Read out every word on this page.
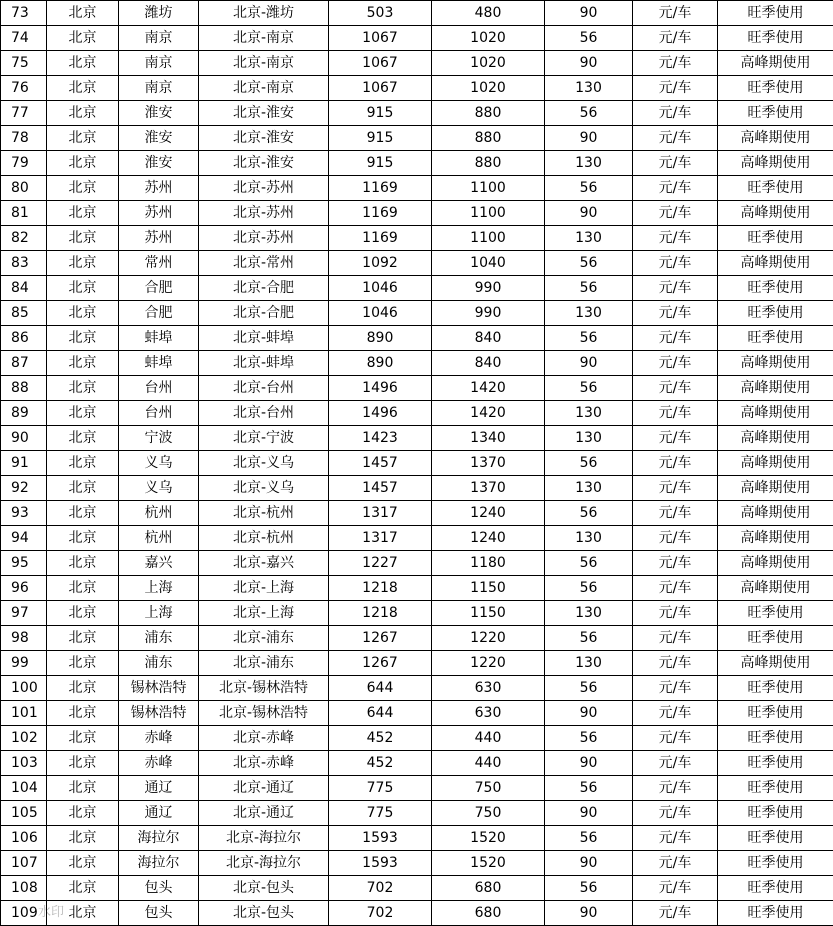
73	北京	潍坊	北京-潍坊	503	480	90	元/车	旺季使用
74	北京	南京	北京-南京	1067	1020	56	元/车	旺季使用
75	北京	南京	北京-南京	1067	1020	90	元/车	高峰期使用
76	北京	南京	北京-南京	1067	1020	130	元/车	旺季使用
77	北京	淮安	北京-淮安	915	880	56	元/车	旺季使用
78	北京	淮安	北京-淮安	915	880	90	元/车	高峰期使用
79	北京	淮安	北京-淮安	915	880	130	元/车	高峰期使用
80	北京	苏州	北京-苏州	1169	1100	56	元/车	旺季使用
81	北京	苏州	北京-苏州	1169	1100	90	元/车	高峰期使用
82	北京	苏州	北京-苏州	1169	1100	130	元/车	旺季使用
83	北京	常州	北京-常州	1092	1040	56	元/车	高峰期使用
84	北京	合肥	北京-合肥	1046	990	56	元/车	旺季使用
85	北京	合肥	北京-合肥	1046	990	130	元/车	旺季使用
86	北京	蚌埠	北京-蚌埠	890	840	56	元/车	旺季使用
87	北京	蚌埠	北京-蚌埠	890	840	90	元/车	高峰期使用
88	北京	台州	北京-台州	1496	1420	56	元/车	高峰期使用
89	北京	台州	北京-台州	1496	1420	130	元/车	高峰期使用
90	北京	宁波	北京-宁波	1423	1340	130	元/车	高峰期使用
91	北京	义乌	北京-义乌	1457	1370	56	元/车	高峰期使用
92	北京	义乌	北京-义乌	1457	1370	130	元/车	高峰期使用
93	北京	杭州	北京-杭州	1317	1240	56	元/车	高峰期使用
94	北京	杭州	北京-杭州	1317	1240	130	元/车	高峰期使用
95	北京	嘉兴	北京-嘉兴	1227	1180	56	元/车	高峰期使用
96	北京	上海	北京-上海	1218	1150	56	元/车	高峰期使用
97	北京	上海	北京-上海	1218	1150	130	元/车	旺季使用
98	北京	浦东	北京-浦东	1267	1220	56	元/车	旺季使用
99	北京	浦东	北京-浦东	1267	1220	130	元/车	高峰期使用
100	北京	锡林浩特	北京-锡林浩特	644	630	56	元/车	旺季使用
101	北京	锡林浩特	北京-锡林浩特	644	630	90	元/车	旺季使用
102	北京	赤峰	北京-赤峰	452	440	56	元/车	旺季使用
103	北京	赤峰	北京-赤峰	452	440	90	元/车	旺季使用
104	北京	通辽	北京-通辽	775	750	56	元/车	旺季使用
105	北京	通辽	北京-通辽	775	750	90	元/车	旺季使用
106	北京	海拉尔	北京-海拉尔	1593	1520	56	元/车	旺季使用
107	北京	海拉尔	北京-海拉尔	1593	1520	90	元/车	旺季使用
108	北京	包头	北京-包头	702	680	56	元/车	旺季使用
109	北京	包头	北京-包头	702	680	90	元/车	旺季使用
水印
